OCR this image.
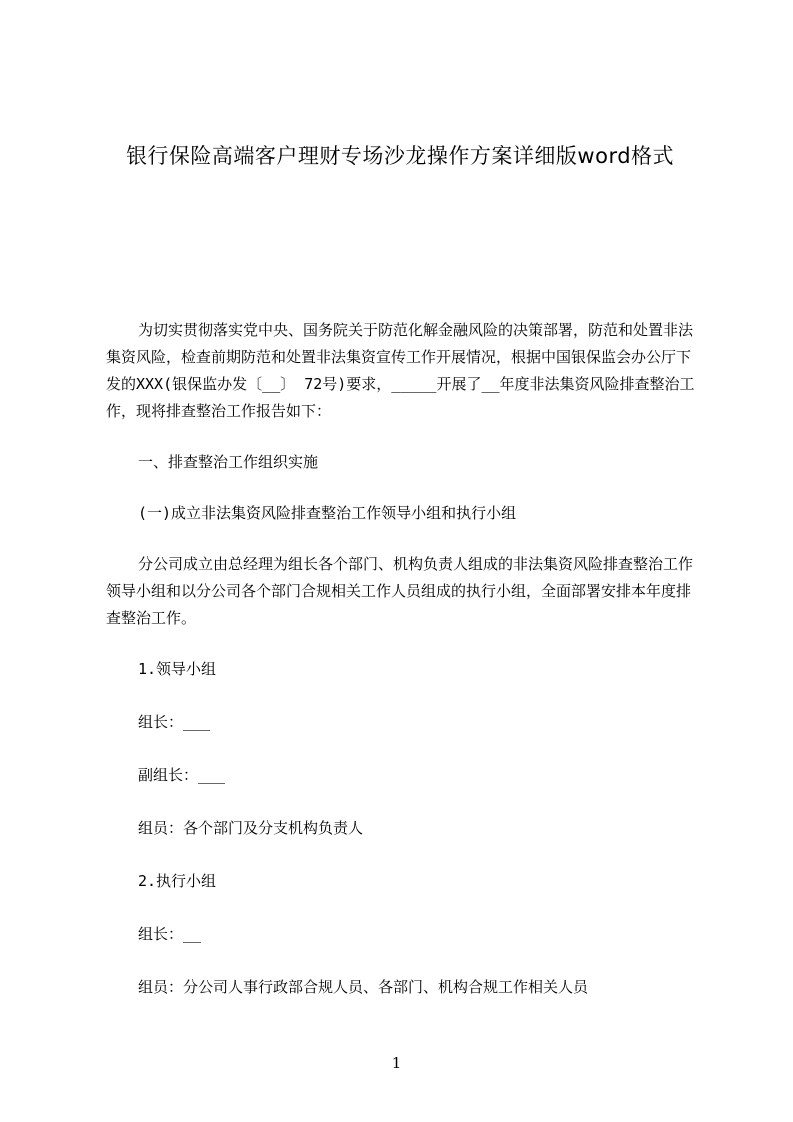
银行保险高端客户理财专场沙龙操作方案详细版word格式

为切实贯彻落实党中央、国务院关于防范化解金融风险的决策部署，防范和处置非法集资风险，检查前期防范和处置非法集资宣传工作开展情况，根据中国银保监会办公厅下发的XXX(银保监办发〔__〕 72号)要求，_____开展了__年度非法集资风险排查整治工作，现将排查整治工作报告如下：

一、排查整治工作组织实施

(一)成立非法集资风险排查整治工作领导小组和执行小组

分公司成立由总经理为组长各个部门、机构负责人组成的非法集资风险排查整治工作领导小组和以分公司各个部门合规相关工作人员组成的执行小组，全面部署安排本年度排查整治工作。

1.领导小组

组长：___

副组长：___

组员：各个部门及分支机构负责人

2.执行小组

组长：__

组员：分公司人事行政部合规人员、各部门、机构合规工作相关人员

1
